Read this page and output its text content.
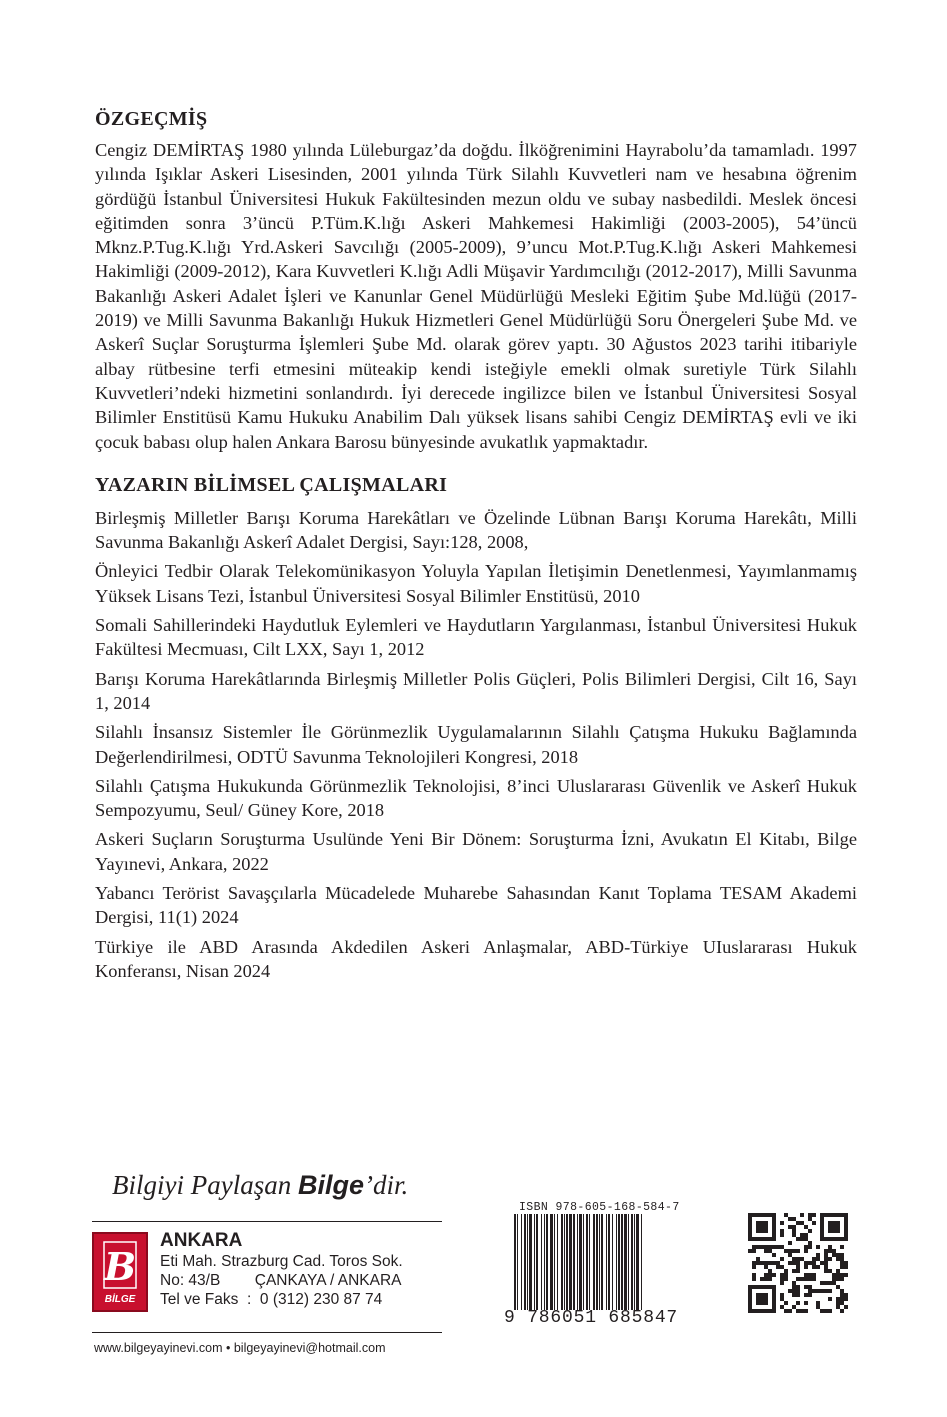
ÖZGEÇMİŞ

Cengiz DEMİRTAŞ 1980 yılında Lüleburgaz’da doğdu. İlköğrenimini Hayrabolu’da tamamladı. 1997 yılında Işıklar Askeri Lisesinden, 2001 yılında Türk Silahlı Kuvvetleri nam ve hesabına öğrenim gördüğü İstanbul Üniversitesi Hukuk Fakültesinden mezun oldu ve subay nasbedildi. Meslek öncesi eğitimden sonra 3’üncü P.Tüm.K.lığı Askeri Mahkemesi Hakimliği (2003-2005), 54’üncü Mknz.P.Tug.K.lığı Yrd.Askeri Savcılığı (2005-2009), 9’uncu Mot.P.Tug.K.lığı Askeri Mahkemesi Hakimliği (2009-2012), Kara Kuvvetleri K.lığı Adli Müşavir Yardımcılığı (2012-2017), Milli Savunma Bakanlığı Askeri Adalet İşleri ve Kanunlar Genel Müdürlüğü Mesleki Eğitim Şube Md.lüğü (2017-2019) ve Milli Savunma Bakanlığı Hukuk Hizmetleri Genel Müdürlüğü Soru Önergeleri Şube Md. ve Askerî Suçlar Soruşturma İşlemleri Şube Md. olarak görev yaptı. 30 Ağustos 2023 tarihi itibariyle albay rütbesine terfi etmesini müteakip kendi isteğiyle emekli olmak suretiyle Türk Silahlı Kuvvetleri’ndeki hizmetini sonlandırdı. İyi derecede ingilizce bilen ve İstanbul Üniversitesi Sosyal Bilimler Enstitüsü Kamu Hukuku Anabilim Dalı yüksek lisans sahibi Cengiz DEMİRTAŞ evli ve iki çocuk babası olup halen Ankara Barosu bünyesinde avukatlık yapmaktadır.

YAZARIN BİLİMSEL ÇALIŞMALARI
Birleşmiş Milletler Barışı Koruma Harekâtları ve Özelinde Lübnan Barışı Koruma Harekâtı, Milli Savunma Bakanlığı Askerî Adalet Dergisi, Sayı:128, 2008,
Önleyici Tedbir Olarak Telekomünikasyon Yoluyla Yapılan İletişimin Denetlenmesi, Yayımlanmamış Yüksek Lisans Tezi, İstanbul Üniversitesi Sosyal Bilimler Enstitüsü, 2010
Somali Sahillerindeki Haydutluk Eylemleri ve Haydutların Yargılanması, İstanbul Üniversitesi Hukuk Fakültesi Mecmuası, Cilt LXX, Sayı 1, 2012
Barışı Koruma Harekâtlarında Birleşmiş Milletler Polis Güçleri, Polis Bilimleri Dergisi, Cilt 16, Sayı 1, 2014
Silahlı İnsansız Sistemler İle Görünmezlik Uygulamalarının Silahlı Çatışma Hukuku Bağlamında Değerlendirilmesi, ODTÜ Savunma Teknolojileri Kongresi, 2018
Silahlı Çatışma Hukukunda Görünmezlik Teknolojisi, 8’inci Uluslararası Güvenlik ve Askerî Hukuk Sempozyumu, Seul/ Güney Kore, 2018
Askeri Suçların Soruşturma Usulünde Yeni Bir Dönem: Soruşturma İzni, Avukatın El Kitabı, Bilge Yayınevi, Ankara, 2022
Yabancı Terörist Savaşçılarla Mücadelede Muharebe Sahasından Kanıt Toplama TESAM Akademi Dergisi, 11(1) 2024
Türkiye ile ABD Arasında Akdedilen Askeri Anlaşmalar, ABD-Türkiye UIuslararası Hukuk Konferansı, Nisan 2024
Bilgiyi Paylaşan Bilge’dir.
B
BİLGE
ANKARA
Eti Mah. Strazburg Cad. Toros Sok.
No: 43/B        ÇANKAYA / ANKARA
Tel ve Faks  :  0 (312) 230 87 74
www.bilgeyayinevi.com • bilgeyayinevi@hotmail.com
ISBN 978-605-168-584-7
9 786051 685847
